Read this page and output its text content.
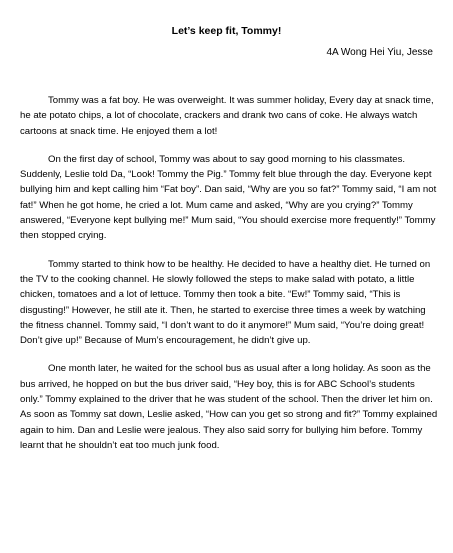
Let’s keep fit, Tommy!
4A Wong Hei Yiu, Jesse

Tommy was a fat boy. He was overweight. It was summer holiday, Every day at snack time, he ate potato chips, a lot of chocolate, crackers and drank two cans of coke. He always watch cartoons at snack time. He enjoyed them a lot!

On the first day of school, Tommy was about to say good morning to his classmates. Suddenly, Leslie told Da, “Look! Tommy the Pig.” Tommy felt blue through the day. Everyone kept bullying him and kept calling him “Fat boy”. Dan said, “Why are you so fat?” Tommy said, “I am not fat!” When he got home, he cried a lot. Mum came and asked, “Why are you crying?” Tommy answered, “Everyone kept bullying me!” Mum said, “You should exercise more frequently!” Tommy then stopped crying.

Tommy started to think how to be healthy. He decided to have a healthy diet. He turned on the TV to the cooking channel. He slowly followed the steps to make salad with potato, a little chicken, tomatoes and a lot of lettuce. Tommy then took a bite. “Ew!” Tommy said, “This is disgusting!” However, he still ate it. Then, he started to exercise three times a week by watching the fitness channel. Tommy said, “I don’t want to do it anymore!” Mum said, “You’re doing great! Don’t give up!” Because of Mum’s encouragement, he didn’t give up.

One month later, he waited for the school bus as usual after a long holiday. As soon as the bus arrived, he hopped on but the bus driver said, “Hey boy, this is for ABC School’s students only.” Tommy explained to the driver that he was student of the school. Then the driver let him on. As soon as Tommy sat down, Leslie asked, “How can you get so strong and fit?” Tommy explained again to him. Dan and Leslie were jealous. They also said sorry for bullying him before. Tommy learnt that he shouldn’t eat too much junk food.
